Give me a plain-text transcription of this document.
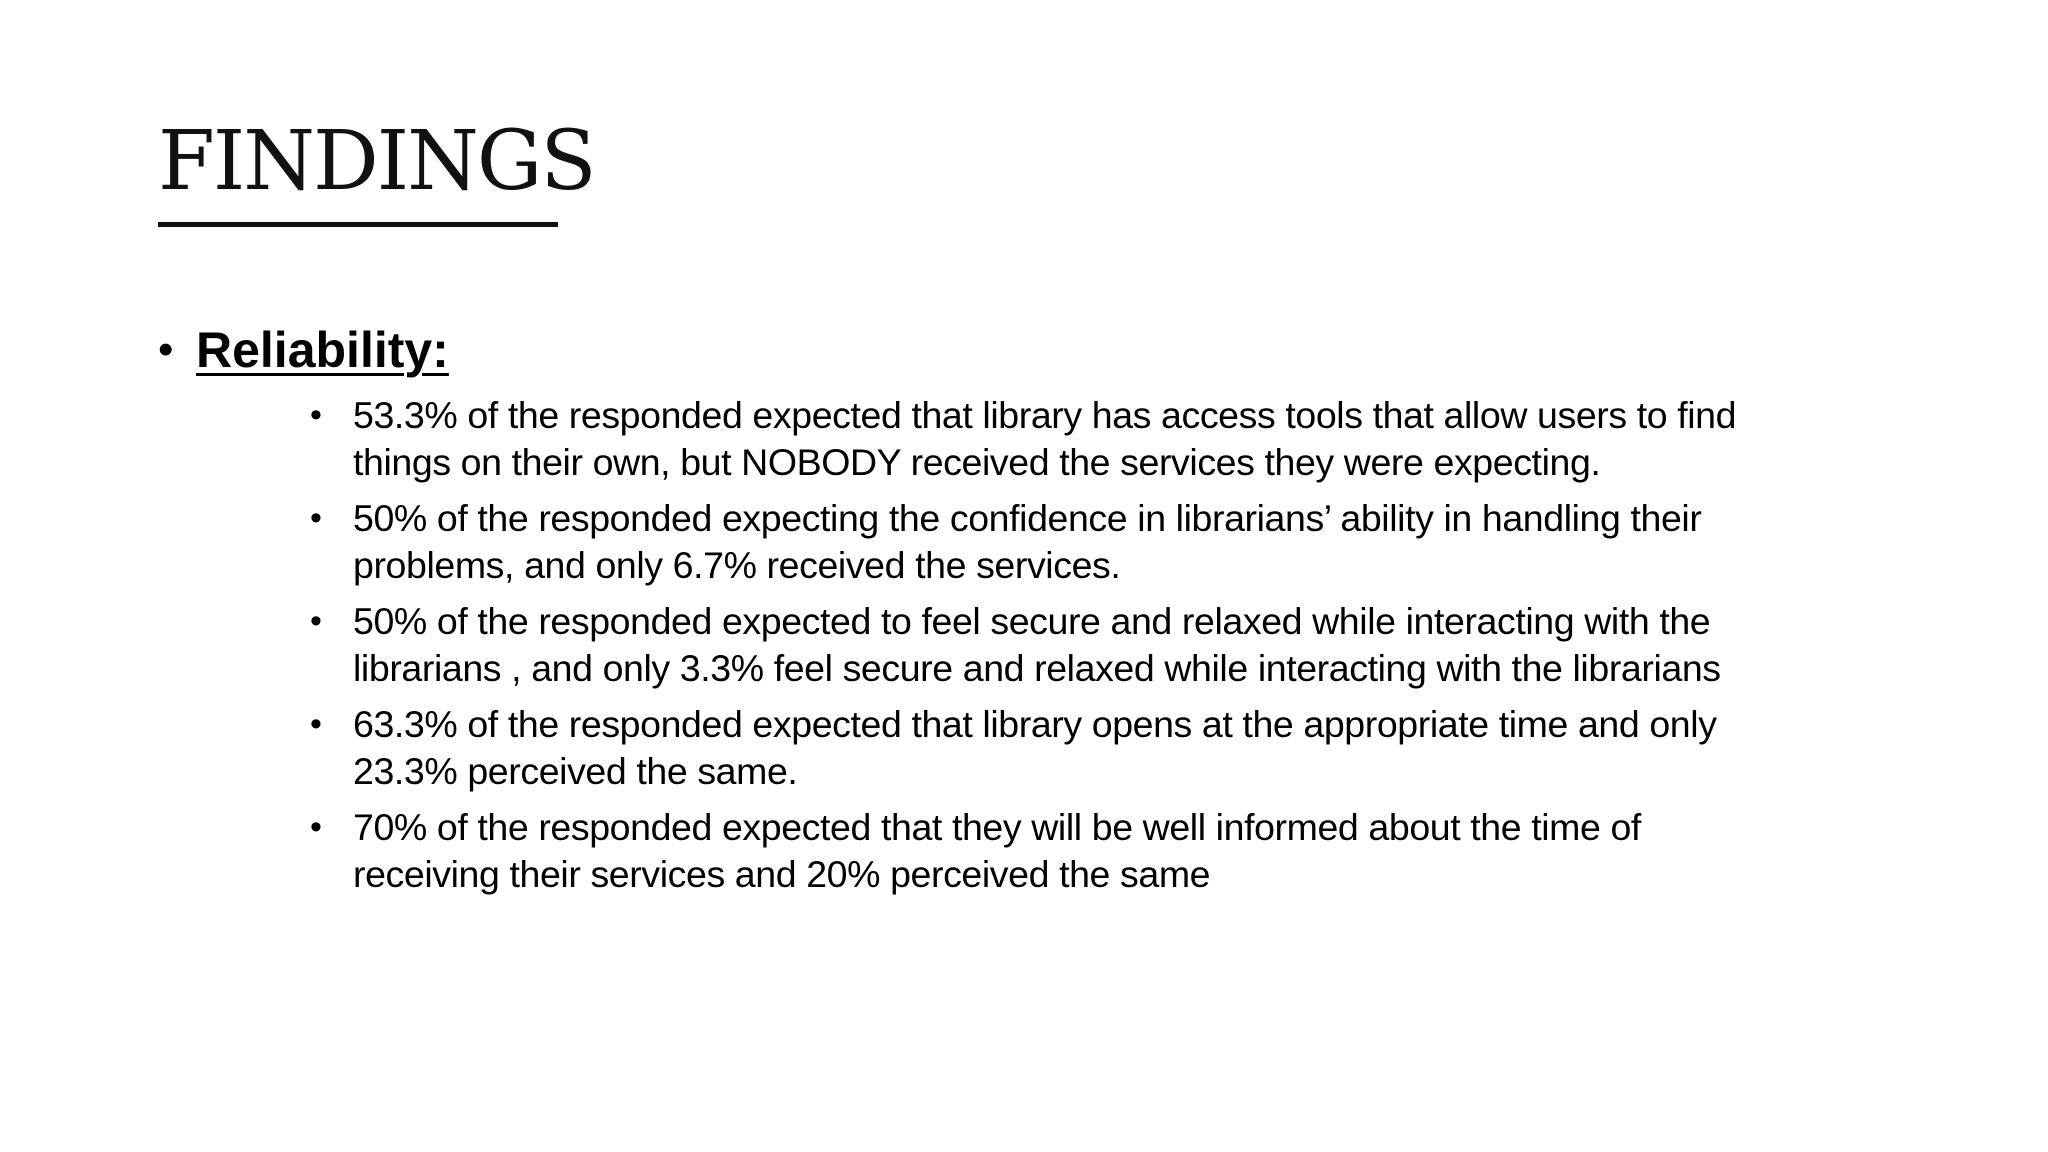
FINDINGS
• Reliability:
• 53.3% of the responded expected that library has access tools that allow users to find
things on their own, but NOBODY received the services they were expecting.
• 50% of the responded expecting the confidence in librarians’ ability in handling their
problems, and only 6.7% received the services.
• 50% of the responded expected to feel secure and relaxed while interacting with the
librarians , and only 3.3% feel secure and relaxed while interacting with the librarians
• 63.3% of the responded expected that library opens at the appropriate time and only
23.3% perceived the same.
• 70% of the responded expected that they will be well informed about the time of
receiving their services and 20% perceived the same
